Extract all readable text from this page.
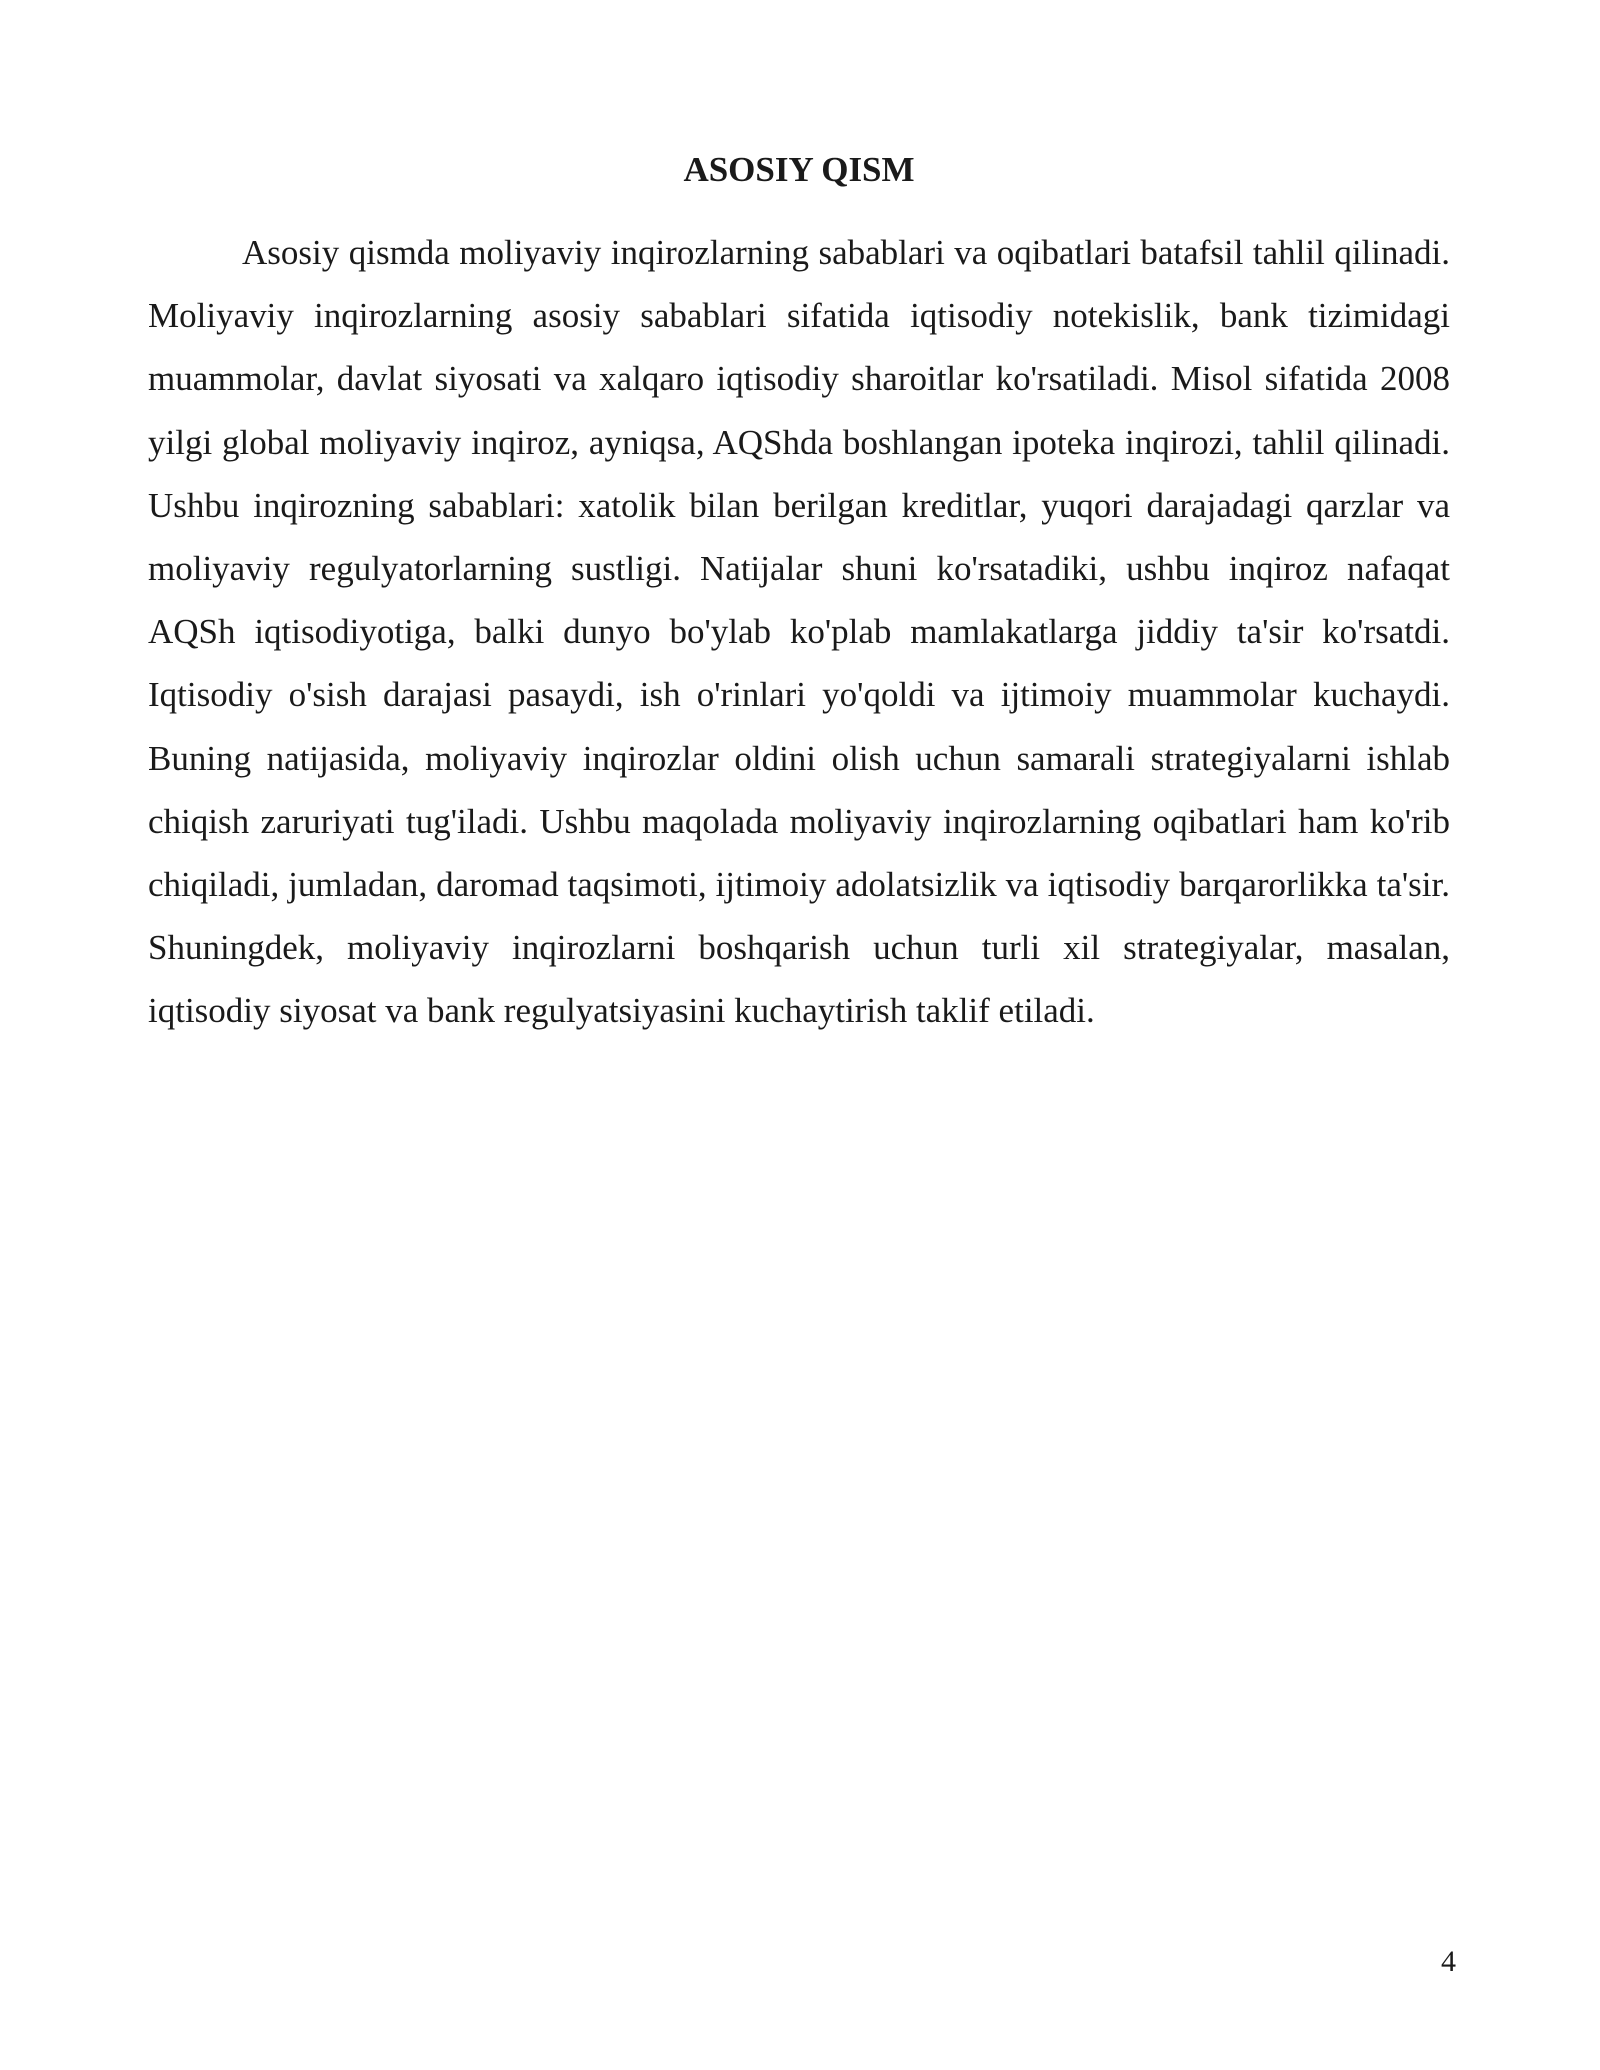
ASOSIY QISM

Asosiy qismda moliyaviy inqirozlarning sabablari va oqibatlari batafsil tahlil qilinadi. Moliyaviy inqirozlarning asosiy sabablari sifatida iqtisodiy notekislik, bank tizimidagi muammolar, davlat siyosati va xalqaro iqtisodiy sharoitlar ko'rsatiladi. Misol sifatida 2008 yilgi global moliyaviy inqiroz, ayniqsa, AQShda boshlangan ipoteka inqirozi, tahlil qilinadi. Ushbu inqirozning sabablari: xatolik bilan berilgan kreditlar, yuqori darajadagi qarzlar va moliyaviy regulyatorlarning sustligi. Natijalar shuni ko'rsatadiki, ushbu inqiroz nafaqat AQSh iqtisodiyotiga, balki dunyo bo'ylab ko'plab mamlakatlarga jiddiy ta'sir ko'rsatdi. Iqtisodiy o'sish darajasi pasaydi, ish o'rinlari yo'qoldi va ijtimoiy muammolar kuchaydi. Buning natijasida, moliyaviy inqirozlar oldini olish uchun samarali strategiyalarni ishlab chiqish zaruriyati tug'iladi. Ushbu maqolada moliyaviy inqirozlarning oqibatlari ham ko'rib chiqiladi, jumladan, daromad taqsimoti, ijtimoiy adolatsizlik va iqtisodiy barqarorlikka ta'sir. Shuningdek, moliyaviy inqirozlarni boshqarish uchun turli xil strategiyalar, masalan, iqtisodiy siyosat va bank regulyatsiyasini kuchaytirish taklif etiladi.

4
